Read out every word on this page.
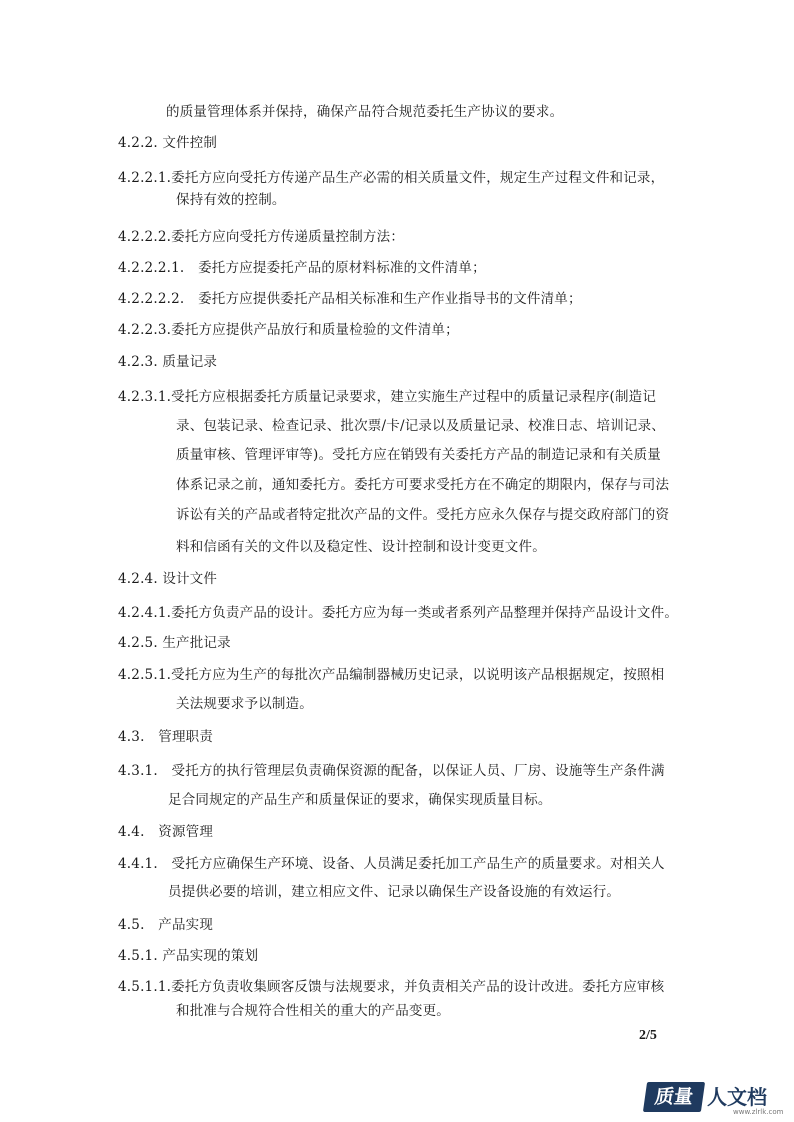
的质量管理体系并保持，确保产品符合规范委托生产协议的要求。
4.2.2. 文件控制
4.2.2.1.委托方应向受托方传递产品生产必需的相关质量文件，规定生产过程文件和记录，
保持有效的控制。
4.2.2.2.委托方应向受托方传递质量控制方法：
4.2.2.2.1.　委托方应提委托产品的原材料标准的文件清单；
4.2.2.2.2.　委托方应提供委托产品相关标准和生产作业指导书的文件清单；
4.2.2.3.委托方应提供产品放行和质量检验的文件清单；
4.2.3. 质量记录
4.2.3.1.受托方应根据委托方质量记录要求，建立实施生产过程中的质量记录程序(制造记
录、包装记录、检查记录、批次票/卡/记录以及质量记录、校准日志、培训记录、
质量审核、管理评审等)。受托方应在销毁有关委托方产品的制造记录和有关质量
体系记录之前，通知委托方。委托方可要求受托方在不确定的期限内，保存与司法
诉讼有关的产品或者特定批次产品的文件。受托方应永久保存与提交政府部门的资
料和信函有关的文件以及稳定性、设计控制和设计变更文件。
4.2.4. 设计文件
4.2.4.1.委托方负责产品的设计。委托方应为每一类或者系列产品整理并保持产品设计文件。
4.2.5. 生产批记录
4.2.5.1.受托方应为生产的每批次产品编制器械历史记录，以说明该产品根据规定，按照相
关法规要求予以制造。
4.3.　管理职责
4.3.1.　受托方的执行管理层负责确保资源的配备，以保证人员、厂房、设施等生产条件满
足合同规定的产品生产和质量保证的要求，确保实现质量目标。
4.4.　资源管理
4.4.1.　受托方应确保生产环境、设备、人员满足委托加工产品生产的质量要求。对相关人
员提供必要的培训，建立相应文件、记录以确保生产设备设施的有效运行。
4.5.　产品实现
4.5.1. 产品实现的策划
4.5.1.1.委托方负责收集顾客反馈与法规要求，并负责相关产品的设计改进。委托方应审核
和批准与合规符合性相关的重大的产品变更。
2/5
质量 人文档
www.zlrlk.com
